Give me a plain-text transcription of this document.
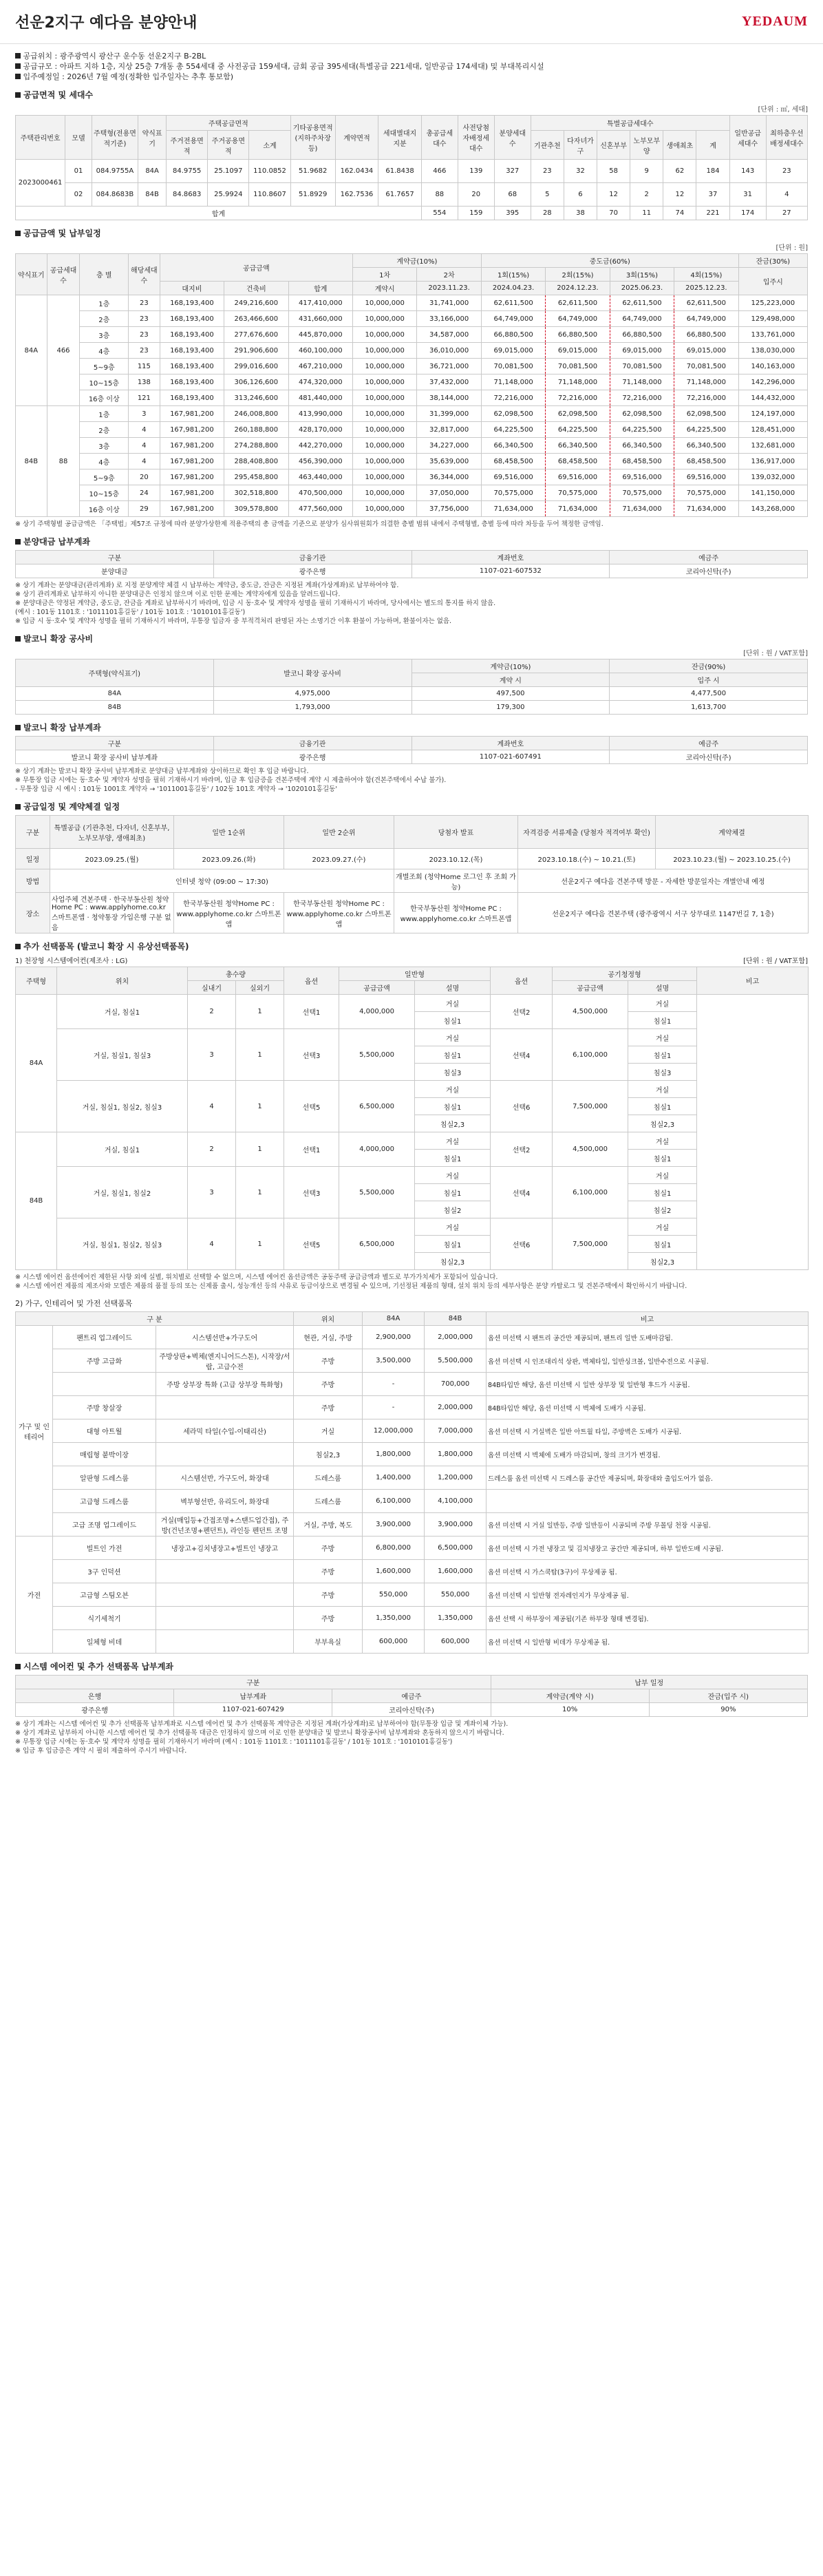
선운2지구 예다음 분양안내	YEDAUM

공급위치 : 광주광역시 광산구 운수동 선운2지구 B-2BL

공급규모 : 아파트 지하 1층, 지상 25층 7개동 총 554세대 중 사전공급 159세대, 금회 공급 395세대(특별공급 221세대, 일반공급 174세대) 및 부대복리시설

입주예정일 : 2026년 7월 예정(정확한 입주일자는 추후 통보함)

공급면적 및 세대수
[단위 : ㎡, 세대]
주택관리번호	모델	주택형(전용면적기준)	약식표기	주택공급면적			기타공용면적(지하주차장 등)	계약면적	세대별대지지분	총공급세대수	사전당첨자배정세대수	분양세대수	특별공급세대수						일반공급세대수	최하층우선배정세대수
				주거전용면적	주거공용면적	소계							기관추천	다자녀가구	신혼부부	노부모부양	생애최초	계		
2023000461	01	084.9755A	84A	84.9755	25.1097	110.0852	51.9682	162.0434	61.8438	466	139	327	23	32	58	9	62	184	143	23
	02	084.8683B	84B	84.8683	25.9924	110.8607	51.8929	162.7536	61.7657	88	20	68	5	6	12	2	12	37	31	4
합계										554	159	395	28	38	70	11	74	221	174	27
공급금액 및 납부일정
[단위 : 원]
약식표기	공급세대수	층 별	해당세대수	공급금액			계약금(10%)		중도금(60%)				잔금(30%)
							1차	2차	1회(15%)	2회(15%)	3회(15%)	4회(15%)	입주시
				대지비	건축비	합계	계약시	2023.11.23.	2024.04.23.	2024.12.23.	2025.06.23.	2025.12.23.	
84A	466	1층	23	168,193,400	249,216,600	417,410,000	10,000,000	31,741,000	62,611,500	62,611,500	62,611,500	62,611,500	125,223,000
		2층	23	168,193,400	263,466,600	431,660,000	10,000,000	33,166,000	64,749,000	64,749,000	64,749,000	64,749,000	129,498,000
		3층	23	168,193,400	277,676,600	445,870,000	10,000,000	34,587,000	66,880,500	66,880,500	66,880,500	66,880,500	133,761,000
		4층	23	168,193,400	291,906,600	460,100,000	10,000,000	36,010,000	69,015,000	69,015,000	69,015,000	69,015,000	138,030,000
		5~9층	115	168,193,400	299,016,600	467,210,000	10,000,000	36,721,000	70,081,500	70,081,500	70,081,500	70,081,500	140,163,000
		10~15층	138	168,193,400	306,126,600	474,320,000	10,000,000	37,432,000	71,148,000	71,148,000	71,148,000	71,148,000	142,296,000
		16층 이상	121	168,193,400	313,246,600	481,440,000	10,000,000	38,144,000	72,216,000	72,216,000	72,216,000	72,216,000	144,432,000
84B	88	1층	3	167,981,200	246,008,800	413,990,000	10,000,000	31,399,000	62,098,500	62,098,500	62,098,500	62,098,500	124,197,000
		2층	4	167,981,200	260,188,800	428,170,000	10,000,000	32,817,000	64,225,500	64,225,500	64,225,500	64,225,500	128,451,000
		3층	4	167,981,200	274,288,800	442,270,000	10,000,000	34,227,000	66,340,500	66,340,500	66,340,500	66,340,500	132,681,000
		4층	4	167,981,200	288,408,800	456,390,000	10,000,000	35,639,000	68,458,500	68,458,500	68,458,500	68,458,500	136,917,000
		5~9층	20	167,981,200	295,458,800	463,440,000	10,000,000	36,344,000	69,516,000	69,516,000	69,516,000	69,516,000	139,032,000
		10~15층	24	167,981,200	302,518,800	470,500,000	10,000,000	37,050,000	70,575,000	70,575,000	70,575,000	70,575,000	141,150,000
		16층 이상	29	167,981,200	309,578,800	477,560,000	10,000,000	37,756,000	71,634,000	71,634,000	71,634,000	71,634,000	143,268,000
※ 상기 주택형별 공급금액은 「주택법」제57조 규정에 따라 분양가상한제 적용주택의 총 금액을 기준으로 분양가 심사위원회가 의결한 층별 범위 내에서 주택형별, 층별 등에 따라 차등을 두어 책정한 금액임.
분양대금 납부계좌
구분	금융기관	계좌번호	예금주
분양대금	광주은행	1107-021-607532	코리아신탁(주)
※ 상기 계좌는 분양대금(관리계좌) 로 지정 분양계약 체결 시 납부하는 계약금, 중도금, 잔금은 지정된 계좌(가상계좌)로 납부하여야 함.
※ 상기 관리계좌로 납부하지 아니한 분양대금은 인정치 않으며 이로 인한 문제는 계약자에게 있음을 알려드립니다.
※ 분양대금은 약정된 계약금, 중도금, 잔금을 계좌로 납부하시기 바라며, 입금 시 동·호수 및 계약자 성명을 필히 기재하시기 바라며, 당사에서는 별도의 통지를 하지 않음.
(예시 : 101동 1101호 : '1011101홍길동' / 101동 101호 : '1010101홍길동')
※ 입금 시 동·호수 및 계약자 성명을 필히 기재하시기 바라며, 무통장 입금자 중 부적격처리 판명된 자는 소명기간 이후 환불이 가능하며, 환불이자는 없음.
발코니 확장 공사비
[단위 : 원 / VAT포함]
주택형(약식표기)	발코니 확장 공사비	계약금(10%)	잔금(90%)
		계약 시	입주 시
84A	4,975,000	497,500	4,477,500
84B	1,793,000	179,300	1,613,700
발코니 확장 납부계좌
구분	금융기관	계좌번호	예금주
발코니 확장 공사비 납부계좌	광주은행	1107-021-607491	코리아신탁(주)
※ 상기 계좌는 발코니 확장 공사비 납부계좌로 분양대금 납부계좌와 상이하므로 확인 후 입금 바랍니다.
※ 무통장 입금 시에는 동·호수 및 계약자 성명을 필히 기재하시기 바라며, 입금 후 입금증을 견본주택에 계약 시 제출하여야 함(견본주택에서 수납 불가).
- 무통장 입금 시 예시 : 101동 1001호 계약자 → '1011001홍길동' / 102동 101호 계약자 → '1020101홍길동'
공급일정 및 계약체결 일정
구분	특별공급 (기관추천, 다자녀, 신혼부부, 노부모부양, 생애최초)	일반 1순위	일반 2순위	당첨자 발표	자격검증 서류제출 (당첨자 적격여부 확인)	계약체결
일정	2023.09.25.(월)	2023.09.26.(화)	2023.09.27.(수)	2023.10.12.(목)	2023.10.18.(수) ~ 10.21.(토)	2023.10.23.(월) ~ 2023.10.25.(수)
방법	인터넷 청약 (09:00 ~ 17:30)			개별조회 (청약Home 로그인 후 조회 가능)	선운2지구 예다음 견본주택 방문 - 자세한 방문일자는 개별안내 예정	
장소	사업주체 견본주택 · 한국부동산원 청약Home PC : www.applyhome.co.kr 스마트폰앱 · 청약통장 가입은행 구분 없음	한국부동산원 청약Home PC : www.applyhome.co.kr 스마트폰앱	한국부동산원 청약Home PC : www.applyhome.co.kr 스마트폰앱	한국부동산원 청약Home PC : www.applyhome.co.kr 스마트폰앱	선운2지구 예다음 견본주택 (광주광역시 서구 상무대로 1147번길 7, 1층)	
추가 선택품목 (발코니 확장 시 유상선택품목)
1) 천장형 시스템에어컨(제조사 : LG)	[단위 : 원 / VAT포함]
주택형	위치	총수량		옵션	일반형		옵션	공기청정형		비고
		실내기	실외기		공급금액	설명		공급금액	설명	
84A	거실, 침실1	2	1	선택1	4,000,000	거실	선택2	4,500,000	거실	
						침실1			침실1	
	거실, 침실1, 침실3	3	1	선택3	5,500,000	거실	선택4	6,100,000	거실	
						침실1			침실1	
						침실3			침실3	
	거실, 침실1, 침실2, 침실3	4	1	선택5	6,500,000	거실	선택6	7,500,000	거실	
						침실1			침실1	
						침실2,3			침실2,3	
84B	거실, 침실1	2	1	선택1	4,000,000	거실	선택2	4,500,000	거실	
						침실1			침실1	
	거실, 침실1, 침실2	3	1	선택3	5,500,000	거실	선택4	6,100,000	거실	
						침실1			침실1	
						침실2			침실2	
	거실, 침실1, 침실2, 침실3	4	1	선택5	6,500,000	거실	선택6	7,500,000	거실	
						침실1			침실1	
						침실2,3			침실2,3	
※ 시스템 에어컨 옵션에어컨 제한된 사항 외에 실별, 위치별로 선택할 수 없으며, 시스템 에어컨 옵션금액은 공동주택 공급금액과 별도로 부가가치세가 포함되어 있습니다.
※ 시스템 에어컨 제품의 제조사와 모델은 제품의 품절 등의 또는 신제품 출시, 성능개선 등의 사유로 동급이상으로 변경될 수 있으며, 기선정된 제품의 형태, 설치 위치 등의 세부사항은 분양 카탈로그 및 견본주택에서 확인하시기 바랍니다.
2) 가구, 인테리어 및 가전 선택품목
구 분			위치	84A	84B	비고
가구 및 인테리어	팬트리 업그레이드	시스템선반+가구도어	현관, 거실, 주방	2,900,000	2,000,000	옵션 미선택 시 팬트리 공간만 제공되며, 팬트리 일반 도배마감됨.
	주방 고급화	주방상판+벽체(엔지니어드스톤), 시작장/서랍, 고급수전	주방	3,500,000	5,500,000	옵션 미선택 시 인조대리석 상판, 벽체타일, 일반싱크볼, 일반수전으로 시공됨.
		주방 상부장 특화 (고급 상부장 특화형)	주방	-	700,000	84B타입만 해당, 옵션 미선택 시 일반 상부장 및 일반형 후드가 시공됨.
	주방 창살장		주방	-	2,000,000	84B타입만 해당, 옵션 미선택 시 벽체에 도배가 시공됨.
	대형 아트월	세라믹 타일(수입-이태리산)	거실	12,000,000	7,000,000	옵션 미선택 시 거실벽은 일반 아트월 타일, 주방벽은 도배가 시공됨.
	매립형 붙박이장		침실2,3	1,800,000	1,800,000	옵션 미선택 시 벽체에 도배가 마감되며, 창의 크기가 변경됨.
	알판형 드레스룸	시스템선반, 가구도어, 화장대	드레스룸	1,400,000	1,200,000	드레스룸 옵션 미선택 시 드레스룸 공간만 제공되며, 화장대와 출입도어가 없음.
	고급형 드레스룸	벽부형선반, 유리도어, 화장대	드레스룸	6,100,000	4,100,000	
	고급 조명 업그레이드	거실(매입등+간접조명+스탠드업간접), 주방(건넌조명+펜던트), 라인등 펜던트 조명	거실, 주방, 복도	3,900,000	3,900,000	옵션 미선택 시 거실 일반등, 주방 일반등이 시공되며 주방 무몰딩 천장 시공됨.
가전	빌트인 가전	냉장고+김치냉장고+빌트인 냉장고	주방	6,800,000	6,500,000	옵션 미선택 시 가전 냉장고 및 김치냉장고 공간만 제공되며, 하부 일반도배 시공됨.
	3구 인덕션		주방	1,600,000	1,600,000	옵션 미선택 시 가스쿡탑(3구)이 무상제공 됨.
	고급형 스팀오븐		주방	550,000	550,000	옵션 미선택 시 일반형 전자레인지가 무상제공 됨.
	식기세척기		주방	1,350,000	1,350,000	옵션 선택 시 하부장이 제공됨(기존 하부장 형태 변경됨).
	일체형 비데		부부욕실	600,000	600,000	옵션 미선택 시 일반형 비데가 무상제공 됨.
시스템 에어컨 및 추가 선택품목 납부계좌
구분			납부 일정	
은행	납부계좌	예금주	계약금(계약 시)	잔금(입주 시)
광주은행	1107-021-607429	코리아신탁(주)	10%	90%
※ 상기 계좌는 시스템 에어컨 및 추가 선택품목 납부계좌로 시스템 에어컨 및 추가 선택품목 계약금은 지정된 계좌(가상계좌)로 납부하여야 함(무통장 입금 및 계좌이체 가능).
※ 상기 계좌로 납부하지 아니한 시스템 에어컨 및 추가 선택품목 대금은 인정하지 않으며 이로 인한 분양대금 및 발코니 확장공사비 납부계좌와 혼동하지 않으시기 바랍니다.
※ 무통장 입금 시에는 동·호수 및 계약자 성명을 필히 기재하시기 바라며 (예시 : 101동 1101호 : '1011101홍길동' / 101동 101호 : '1010101홍길동')
※ 입금 후 입금증은 계약 시 필히 제출하여 주시기 바랍니다.
